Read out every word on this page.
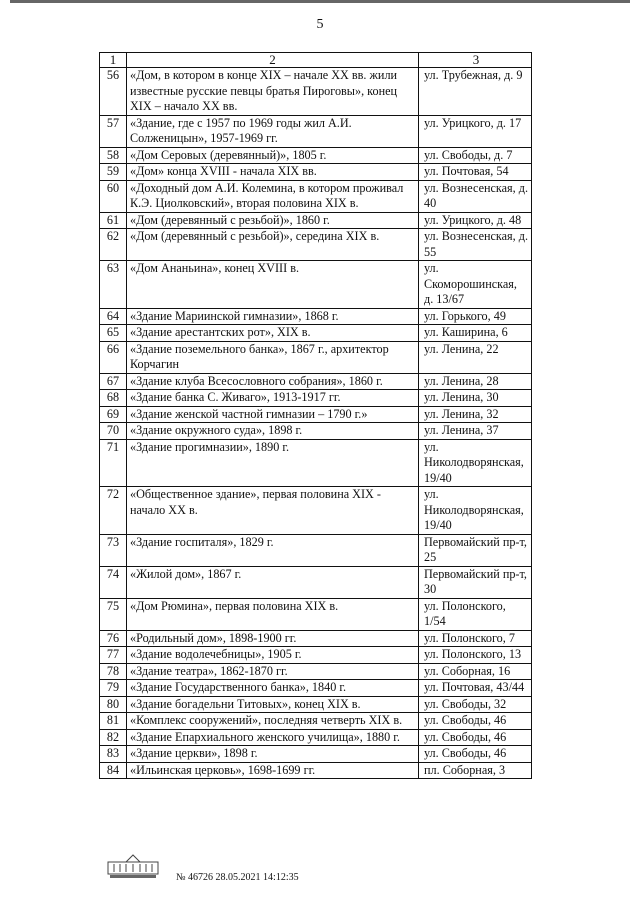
5
1	2	3
56	«Дом, в котором в конце XIX – начале XX вв. жили известные русские певцы братья Пироговы», конец XIX – начало XX вв.	ул. Трубежная, д. 9
57	«Здание, где с 1957 по 1969 годы жил А.И. Солженицын», 1957-1969 гг.	ул. Урицкого, д. 17
58	«Дом Серовых (деревянный)», 1805 г.	ул. Свободы, д. 7
59	«Дом» конца XVIII - начала XIX вв.	ул. Почтовая, 54
60	«Доходный дом А.И. Колемина, в котором проживал К.Э. Циолковский», вторая половина XIX в.	ул. Вознесенская, д. 40
61	«Дом (деревянный с резьбой)», 1860 г.	ул. Урицкого, д. 48
62	«Дом (деревянный с резьбой)», середина XIX в.	ул. Вознесенская, д. 55
63	«Дом Ананьина», конец XVIII в.	ул. Скоморошинская, д. 13/67
64	«Здание Мариинской гимназии», 1868 г.	ул. Горького, 49
65	«Здание арестантских рот», XIX в.	ул. Каширина, 6
66	«Здание поземельного банка», 1867 г., архитектор Корчагин	ул. Ленина, 22
67	«Здание клуба Всесословного собрания», 1860 г.	ул. Ленина, 28
68	«Здание банка С. Живаго», 1913-1917 гг.	ул. Ленина, 30
69	«Здание женской частной гимназии – 1790 г.»	ул. Ленина, 32
70	«Здание окружного суда», 1898 г.	ул. Ленина, 37
71	«Здание прогимназии», 1890 г.	ул. Николодворянская, 19/40
72	«Общественное здание», первая половина XIX - начало XX в.	ул. Николодворянская, 19/40
73	«Здание госпиталя», 1829 г.	Первомайский пр-т, 25
74	«Жилой дом», 1867 г.	Первомайский пр-т, 30
75	«Дом Рюмина», первая половина XIX в.	ул. Полонского, 1/54
76	«Родильный дом», 1898-1900 гг.	ул. Полонского, 7
77	«Здание водолечебницы», 1905 г.	ул. Полонского, 13
78	«Здание театра», 1862-1870 гг.	ул. Соборная, 16
79	«Здание Государственного банка», 1840 г.	ул. Почтовая, 43/44
80	«Здание богадельни Титовых», конец XIX в.	ул. Свободы, 32
81	«Комплекс сооружений», последняя четверть XIX в.	ул. Свободы, 46
82	«Здание Епархиального женского училища», 1880 г.	ул. Свободы, 46
83	«Здание церкви», 1898 г.	ул. Свободы, 46
84	«Ильинская церковь», 1698-1699 гг.	пл. Соборная, 3
№ 46726 28.05.2021 14:12:35
